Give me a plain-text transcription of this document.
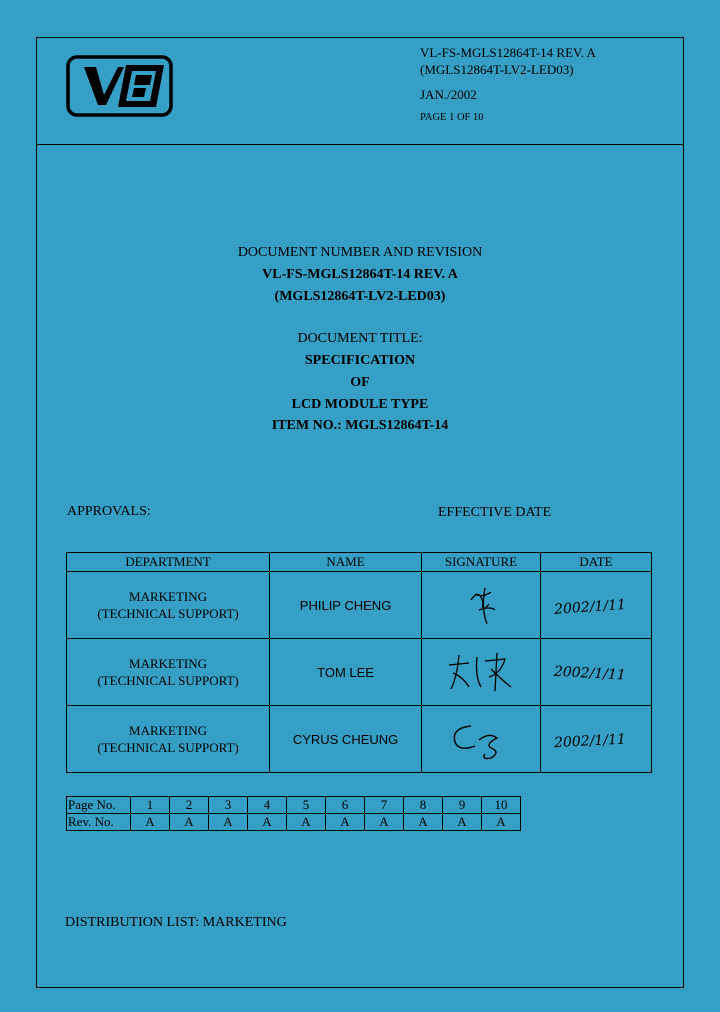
VL-FS-MGLS12864T-14 REV. A
(MGLS12864T-LV2-LED03)
JAN./2002
PAGE 1 OF 10
DOCUMENT NUMBER AND REVISION
VL-FS-MGLS12864T-14 REV. A
(MGLS12864T-LV2-LED03)
DOCUMENT TITLE:
SPECIFICATION
OF
LCD MODULE TYPE
ITEM NO.: MGLS12864T-14
APPROVALS:	EFFECTIVE DATE
DEPARTMENT	NAME	SIGNATURE	DATE

MARKETING
(TECHNICAL SUPPORT)	PHILIP CHENG		2002/1/11

MARKETING
(TECHNICAL SUPPORT)	TOM LEE		2002/1/11

MARKETING
(TECHNICAL SUPPORT)	CYRUS CHEUNG		2002/1/11
Page No.	1	2	3	4	5	6	7	8	9	10
Rev. No.	A	A	A	A	A	A	A	A	A	A
DISTRIBUTION LIST: MARKETING
